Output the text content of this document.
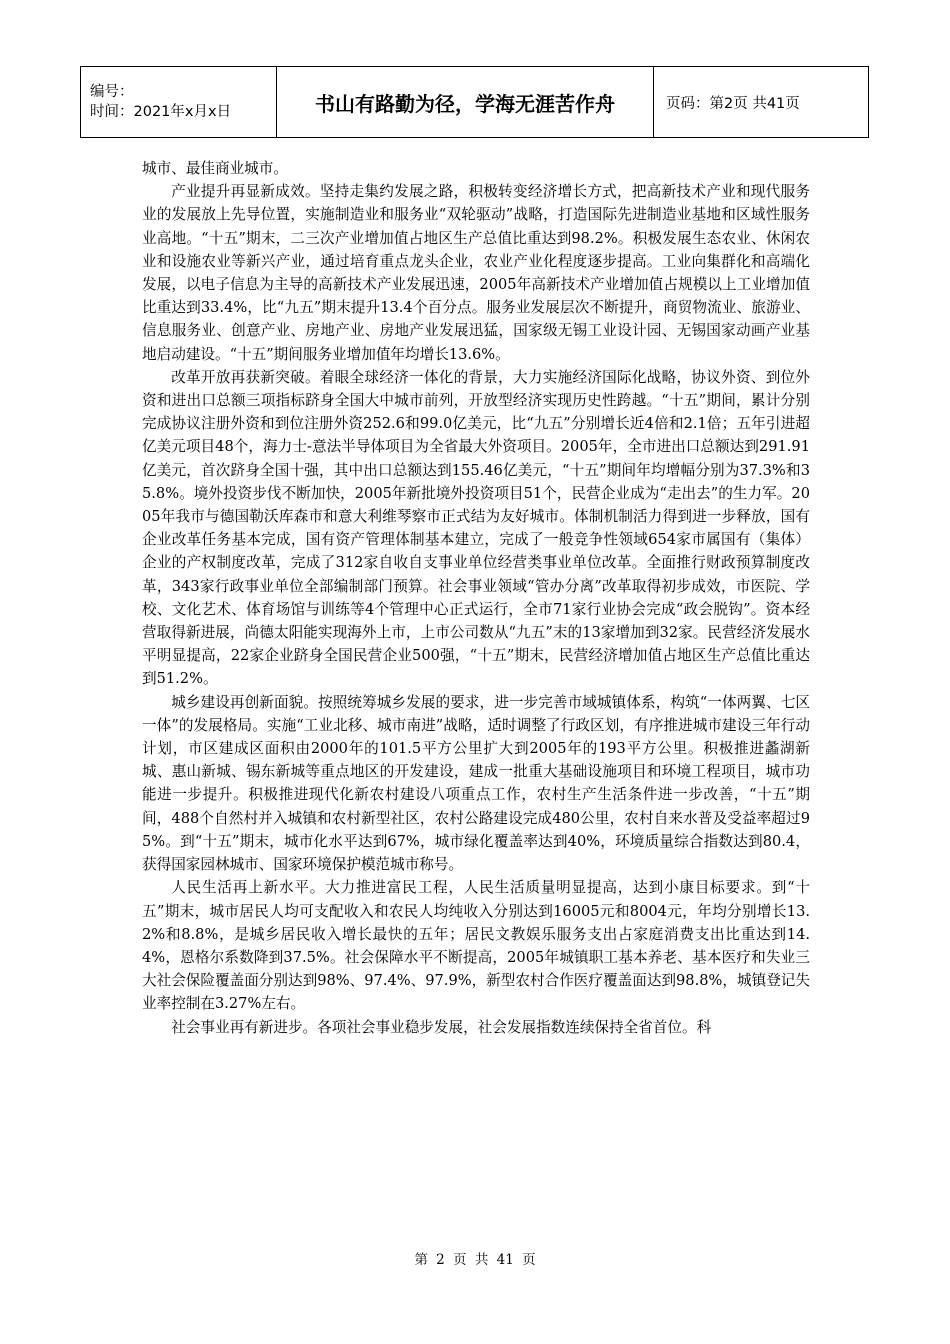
编号：
时间：2021年x月x日	书山有路勤为径，学海无涯苦作舟	页码：第2页 共41页

城市、最佳商业城市。

产业提升再显新成效。坚持走集约发展之路，积极转变经济增长方式，把高新技术产业和现代服务业的发展放上先导位置，实施制造业和服务业“双轮驱动”战略，打造国际先进制造业基地和区域性服务业高地。“十五”期末，二三次产业增加值占地区生产总值比重达到98.2%。积极发展生态农业、休闲农业和设施农业等新兴产业，通过培育重点龙头企业，农业产业化程度逐步提高。工业向集群化和高端化发展，以电子信息为主导的高新技术产业发展迅速，2005年高新技术产业增加值占规模以上工业增加值比重达到33.4%，比“九五”期末提升13.4个百分点。服务业发展层次不断提升，商贸物流业、旅游业、信息服务业、创意产业、房地产业、房地产业发展迅猛，国家级无锡工业设计园、无锡国家动画产业基地启动建设。“十五”期间服务业增加值年均增长13.6%。

改革开放再获新突破。着眼全球经济一体化的背景，大力实施经济国际化战略，协议外资、到位外资和进出口总额三项指标跻身全国大中城市前列，开放型经济实现历史性跨越。“十五”期间，累计分别完成协议注册外资和到位注册外资252.6和99.0亿美元，比“九五”分别增长近4倍和2.1倍；五年引进超亿美元项目48个，海力士-意法半导体项目为全省最大外资项目。2005年，全市进出口总额达到291.91亿美元，首次跻身全国十强，其中出口总额达到155.46亿美元，“十五”期间年均增幅分别为37.3%和35.8%。境外投资步伐不断加快，2005年新批境外投资项目51个，民营企业成为“走出去”的生力军。2005年我市与德国勒沃库森市和意大利维琴察市正式结为友好城市。体制机制活力得到进一步释放，国有企业改革任务基本完成，国有资产管理体制基本建立，完成了一般竞争性领域654家市属国有（集体）企业的产权制度改革，完成了312家自收自支事业单位经营类事业单位改革。全面推行财政预算制度改革，343家行政事业单位全部编制部门预算。社会事业领域“管办分离”改革取得初步成效，市医院、学校、文化艺术、体育场馆与训练等4个管理中心正式运行，全市71家行业协会完成“政会脱钩”。资本经营取得新进展，尚德太阳能实现海外上市，上市公司数从“九五”末的13家增加到32家。民营经济发展水平明显提高，22家企业跻身全国民营企业500强，“十五”期末，民营经济增加值占地区生产总值比重达到51.2%。

城乡建设再创新面貌。按照统筹城乡发展的要求，进一步完善市域城镇体系，构筑“一体两翼、七区一体”的发展格局。实施“工业北移、城市南进”战略，适时调整了行政区划，有序推进城市建设三年行动计划，市区建成区面积由2000年的101.5平方公里扩大到2005年的193平方公里。积极推进蠡湖新城、惠山新城、锡东新城等重点地区的开发建设，建成一批重大基础设施项目和环境工程项目，城市功能进一步提升。积极推进现代化新农村建设八项重点工作，农村生产生活条件进一步改善，“十五”期间，488个自然村并入城镇和农村新型社区，农村公路建设完成480公里，农村自来水普及受益率超过95%。到“十五”期末，城市化水平达到67%，城市绿化覆盖率达到40%，环境质量综合指数达到80.4，获得国家园林城市、国家环境保护模范城市称号。

人民生活再上新水平。大力推进富民工程，人民生活质量明显提高，达到小康目标要求。到“十五”期末，城市居民人均可支配收入和农民人均纯收入分别达到16005元和8004元，年均分别增长13.2%和8.8%，是城乡居民收入增长最快的五年；居民文教娱乐服务支出占家庭消费支出比重达到14.4%，恩格尔系数降到37.5%。社会保障水平不断提高，2005年城镇职工基本养老、基本医疗和失业三大社会保险覆盖面分别达到98%、97.4%、97.9%，新型农村合作医疗覆盖面达到98.8%，城镇登记失业率控制在3.27%左右。

社会事业再有新进步。各项社会事业稳步发展，社会发展指数连续保持全省首位。科

第 2 页 共 41 页
